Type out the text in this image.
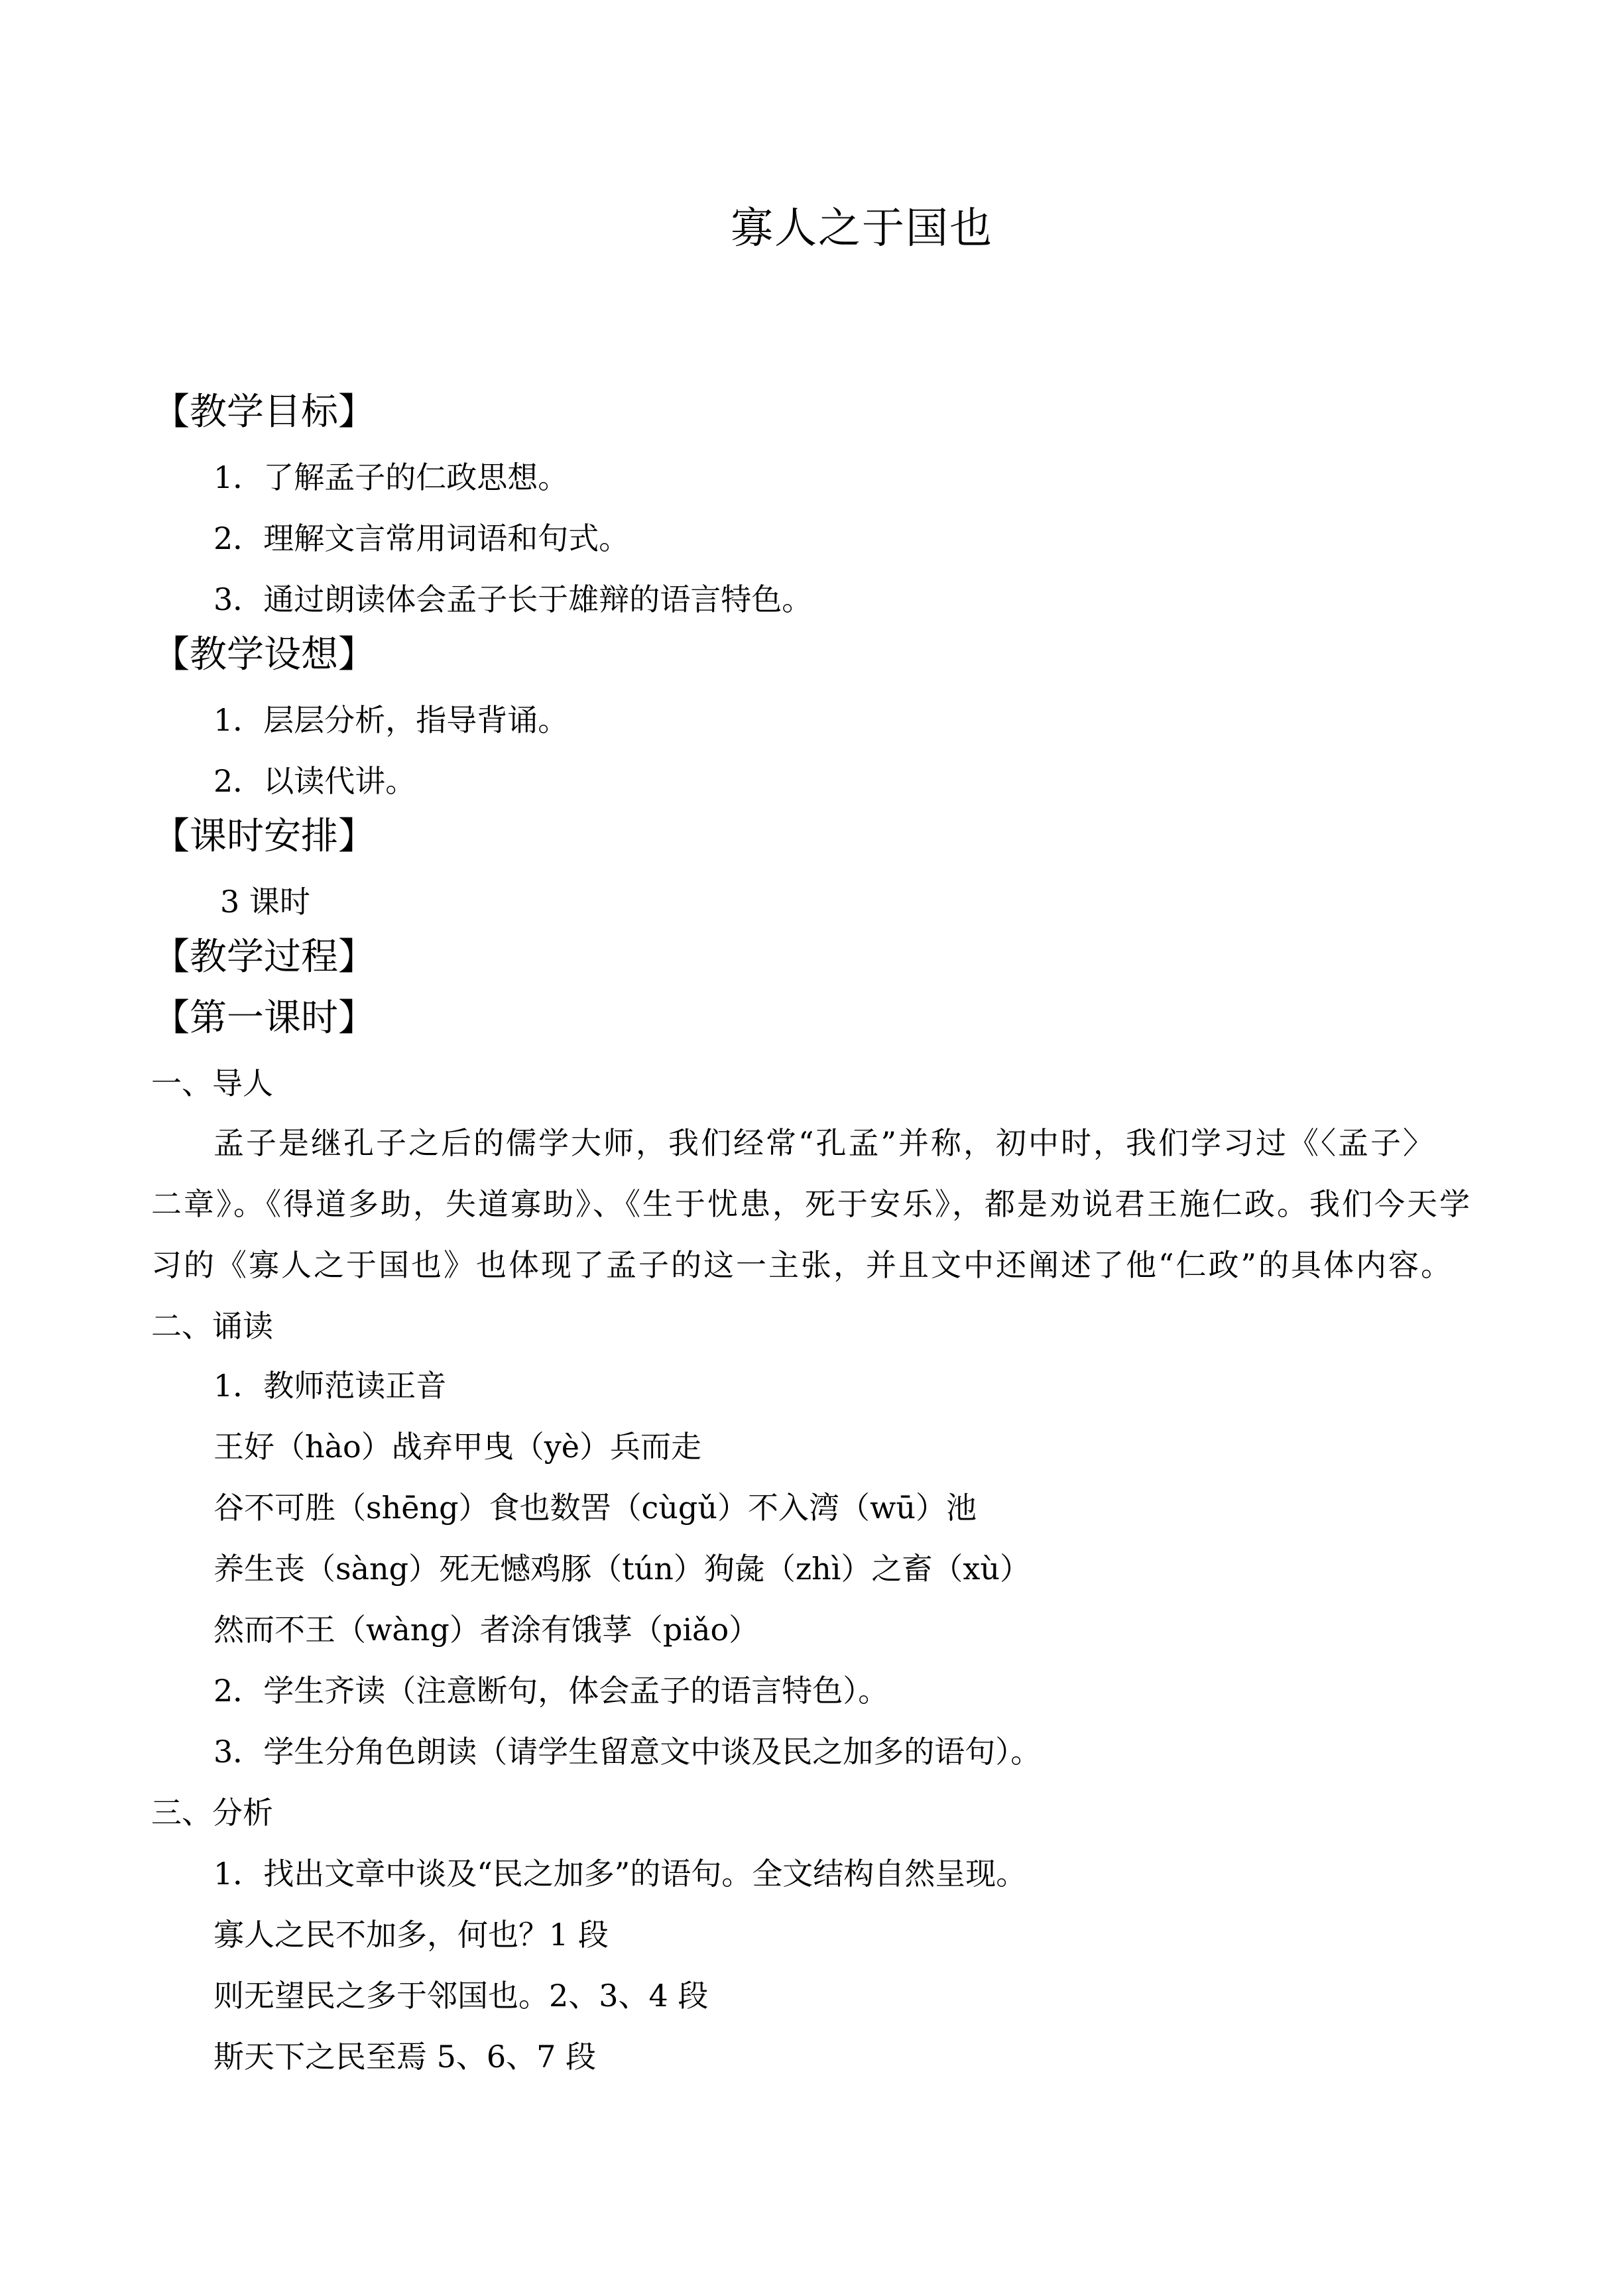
寡人之于国也
【教学目标】
1．了解孟子的仁政思想。
2．理解文言常用词语和句式。
3．通过朗读体会孟子长于雄辩的语言特色。
【教学设想】
1．层层分析，指导背诵。
2．以读代讲。
【课时安排】
3 课时
【教学过程】
【第一课时】
一、导人
孟子是继孔子之后的儒学大师，我们经常“孔孟”并称，初中时，我们学习过《〈孟子〉
二章》。《得道多助，失道寡助》、《生于忧患，死于安乐》，都是劝说君王施仁政。我们今天学
习的《寡人之于国也》也体现了孟子的这一主张，并且文中还阐述了他“仁政”的具体内容。
二、诵读
1．教师范读正音
王好（hào）战弃甲曳（yè）兵而走
谷不可胜（shēng）食也数罟（cùgǔ）不入湾（wū）池
养生丧（sàng）死无憾鸡豚（tún）狗彘（zhì）之畜（xù）
然而不王（wàng）者涂有饿莩（piǎo）
2．学生齐读（注意断句，体会孟子的语言特色）。
3．学生分角色朗读（请学生留意文中谈及民之加多的语句）。
三、分析
1．找出文章中谈及“民之加多”的语句。全文结构自然呈现。
寡人之民不加多，何也？1 段
则无望民之多于邻国也。2、3、4 段
斯天下之民至焉 5、6、7 段
